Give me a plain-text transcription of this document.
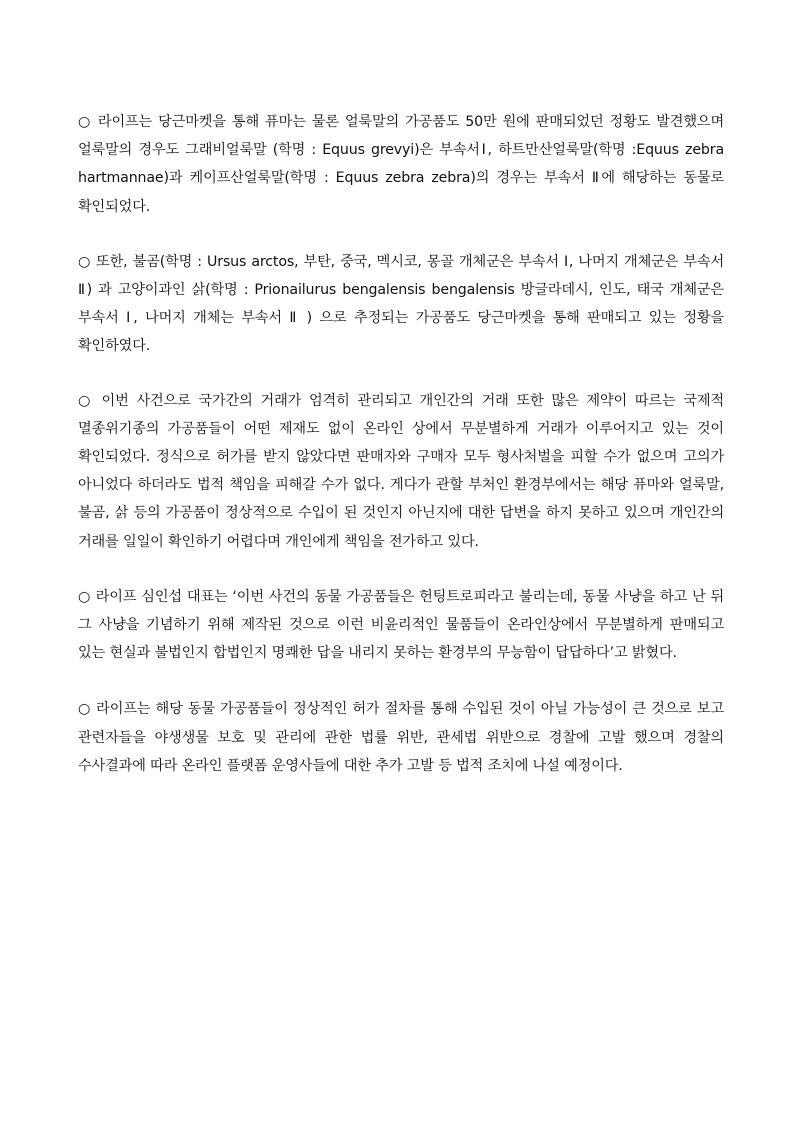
○ 라이프는 당근마켓을 통해 퓨마는 물론 얼룩말의 가공품도 50만 원에 판매되었던 정황도 발견했으며 얼룩말의 경우도 그래비얼룩말 (학명 : Equus grevyi)은 부속서Ⅰ, 하트만산얼룩말(학명 :Equus zebra hartmannae)과 케이프산얼룩말(학명 : Equus zebra zebra)의 경우는 부속서 Ⅱ에 해당하는 동물로 확인되었다.

○ 또한, 불곰(학명 : Ursus arctos, 부탄, 중국, 멕시코, 몽골 개체군은 부속서 Ⅰ, 나머지 개체군은 부속서 Ⅱ) 과 고양이과인 삵(학명 : Prionailurus bengalensis bengalensis 방글라데시, 인도, 태국 개체군은 부속서 Ⅰ, 나머지 개체는 부속서 Ⅱ ) 으로 추정되는 가공품도 당근마켓을 통해 판매되고 있는 정황을 확인하였다.

○ 이번 사건으로 국가간의 거래가 엄격히 관리되고 개인간의 거래 또한 많은 제약이 따르는 국제적 멸종위기종의 가공품들이 어떤 제재도 없이 온라인 상에서 무분별하게 거래가 이루어지고 있는 것이 확인되었다. 정식으로 허가를 받지 않았다면 판매자와 구매자 모두 형사처벌을 피할 수가 없으며 고의가 아니었다 하더라도 법적 책임을 피해갈 수가 없다. 게다가 관할 부처인 환경부에서는 해당 퓨마와 얼룩말, 불곰, 삵 등의 가공품이 정상적으로 수입이 된 것인지 아닌지에 대한 답변을 하지 못하고 있으며 개인간의 거래를 일일이 확인하기 어렵다며 개인에게 책임을 전가하고 있다.

○ 라이프 심인섭 대표는 ‘이번 사건의 동물 가공품들은 헌팅트로피라고 불리는데, 동물 사냥을 하고 난 뒤 그 사냥을 기념하기 위해 제작된 것으로 이런 비윤리적인 물품들이 온라인상에서 무분별하게 판매되고 있는 현실과 불법인지 합법인지 명쾌한 답을 내리지 못하는 환경부의 무능함이 답답하다’고 밝혔다.

○ 라이프는 해당 동물 가공품들이 정상적인 허가 절차를 통해 수입된 것이 아닐 가능성이 큰 것으로 보고 관련자들을 야생생물 보호 및 관리에 관한 법률 위반, 관세법 위반으로 경찰에 고발 했으며 경찰의 수사결과에 따라 온라인 플랫폼 운영사들에 대한 추가 고발 등 법적 조치에 나설 예정이다.
